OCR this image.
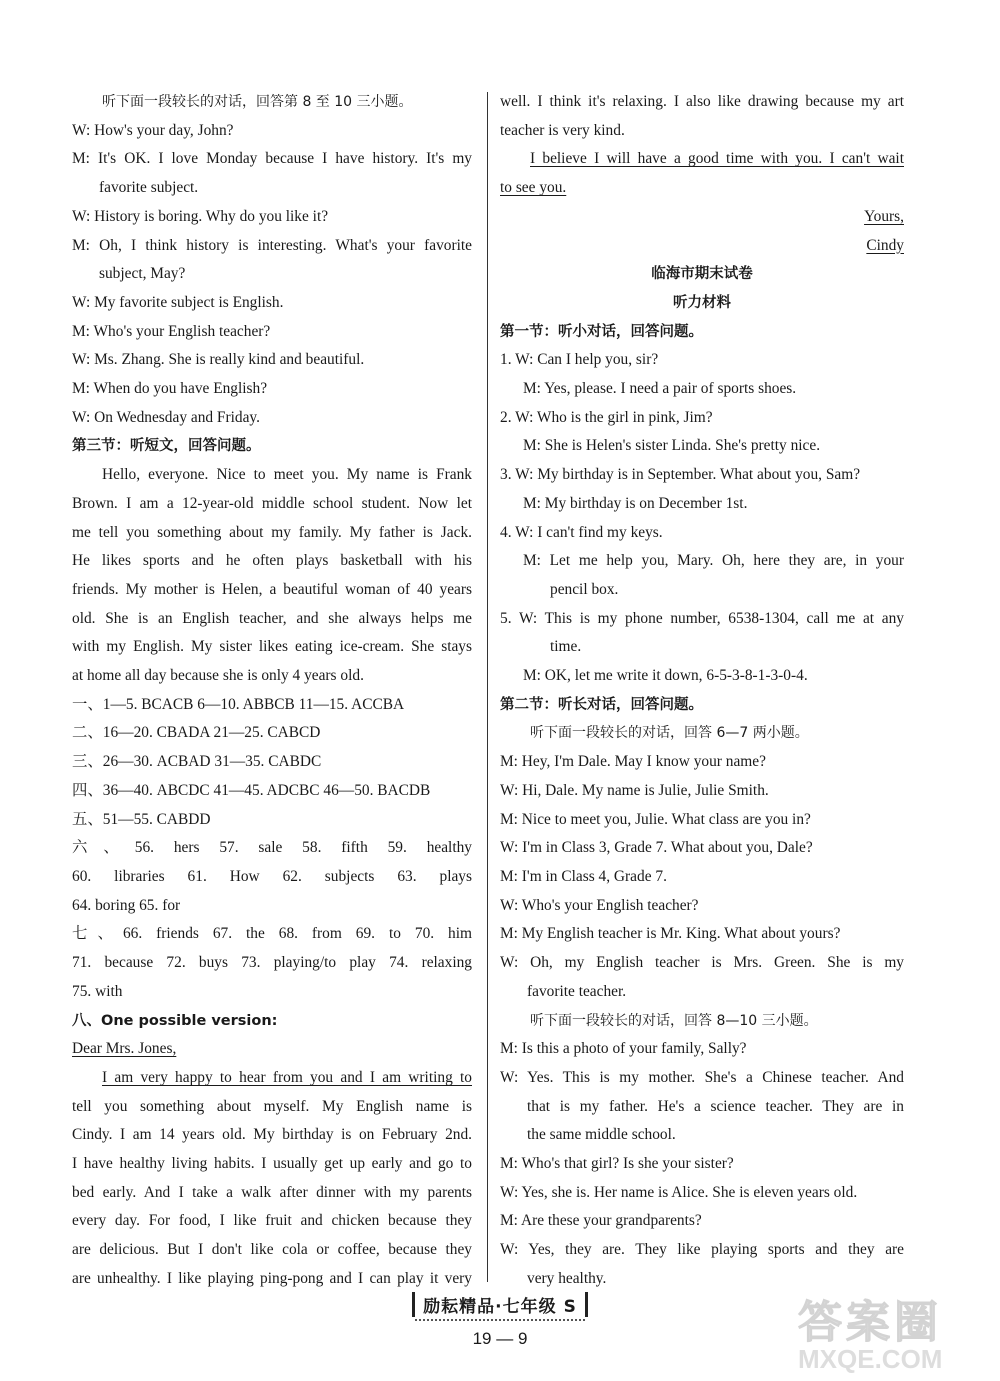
听下面一段较长的对话，回答第 8 至 10 三小题。
W: How's your day, John?
M: It's OK. I love Monday because I have history. It's my
favorite subject.
W: History is boring. Why do you like it?
M: Oh, I think history is interesting. What's your favorite
subject, May?
W: My favorite subject is English.
M: Who's your English teacher?
W: Ms. Zhang. She is really kind and beautiful.
M: When do you have English?
W: On Wednesday and Friday.
第三节：听短文，回答问题。
Hello, everyone. Nice to meet you. My name is Frank
Brown. I am a 12-year-old middle school student. Now let
me tell you something about my family. My father is Jack.
He likes sports and he often plays basketball with his
friends. My mother is Helen, a beautiful woman of 40 years
old. She is an English teacher, and she always helps me
with my English. My sister likes eating ice-cream. She stays
at home all day because she is only 4 years old.
一、1—5. BCACB 6—10. ABBCB 11—15. ACCBA
二、16—20. CBADA 21—25. CABCD
三、26—30. ACBAD 31—35. CABDC
四、36—40. ABCDC 41—45. ADCBC 46—50. BACDB
五、51—55. CABDD
六、56. hers 57. sale 58. fifth 59. healthy
60. libraries 61. How 62. subjects 63. plays
64. boring 65. for
七、66. friends 67. the 68. from 69. to 70. him
71. because 72. buys 73. playing/to play 74. relaxing
75. with
八、One possible version:
Dear Mrs. Jones,
I am very happy to hear from you and I am writing to
tell you something about myself. My English name is
Cindy. I am 14 years old. My birthday is on February 2nd.
I have healthy living habits. I usually get up early and go to
bed early. And I take a walk after dinner with my parents
every day. For food, I like fruit and chicken because they
are delicious. But I don't like cola or coffee, because they
are unhealthy. I like playing ping-pong and I can play it very
well. I think it's relaxing. I also like drawing because my art
teacher is very kind.
I believe I will have a good time with you. I can't wait
to see you.
Yours,
Cindy
临海市期末试卷
听力材料
第一节：听小对话，回答问题。
1. W: Can I help you, sir?
M: Yes, please. I need a pair of sports shoes.
2. W: Who is the girl in pink, Jim?
M: She is Helen's sister Linda. She's pretty nice.
3. W: My birthday is in September. What about you, Sam?
M: My birthday is on December 1st.
4. W: I can't find my keys.
M: Let me help you, Mary. Oh, here they are, in your
pencil box.
5. W: This is my phone number, 6538-1304, call me at any
time.
M: OK, let me write it down, 6-5-3-8-1-3-0-4.
第二节：听长对话，回答问题。
听下面一段较长的对话，回答 6—7 两小题。
M: Hey, I'm Dale. May I know your name?
W: Hi, Dale. My name is Julie, Julie Smith.
M: Nice to meet you, Julie. What class are you in?
W: I'm in Class 3, Grade 7. What about you, Dale?
M: I'm in Class 4, Grade 7.
W: Who's your English teacher?
M: My English teacher is Mr. King. What about yours?
W: Oh, my English teacher is Mrs. Green. She is my
favorite teacher.
听下面一段较长的对话，回答 8—10 三小题。
M: Is this a photo of your family, Sally?
W: Yes. This is my mother. She's a Chinese teacher. And
that is my father. He's a science teacher. They are in
the same middle school.
M: Who's that girl? Is she your sister?
W: Yes, she is. Her name is Alice. She is eleven years old.
M: Are these your grandparents?
W: Yes, they are. They like playing sports and they are
very healthy.
励耘精品·七年级 S
19 — 9	答案圈
MXQE.COM
